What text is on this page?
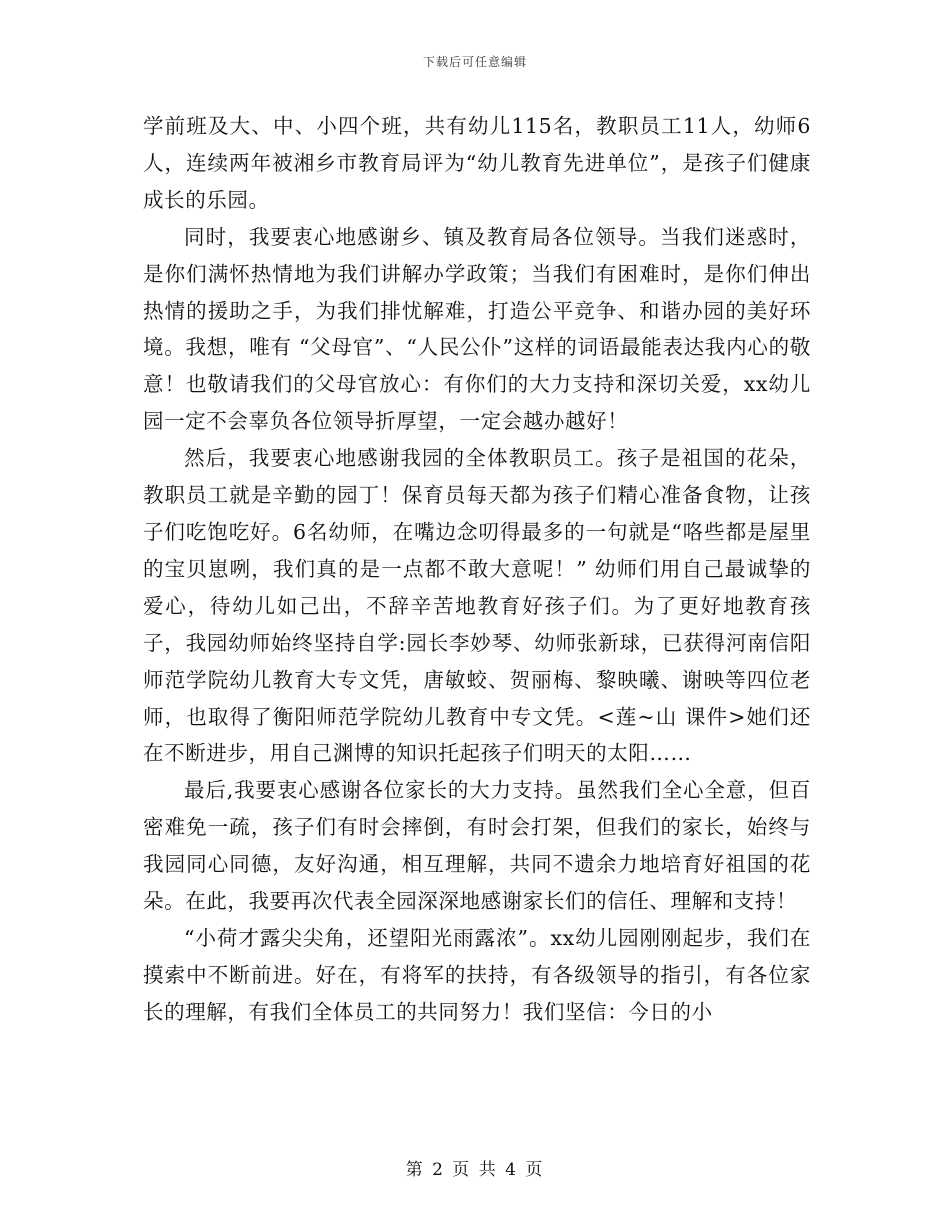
下载后可任意编辑

学前班及大、中、小四个班，共有幼儿115名，教职员工11人，幼师6人，连续两年被湘乡市教育局评为“幼儿教育先进单位”，是孩子们健康成长的乐园。

同时，我要衷心地感谢乡、镇及教育局各位领导。当我们迷惑时，是你们满怀热情地为我们讲解办学政策；当我们有困难时，是你们伸出热情的援助之手，为我们排忧解难，打造公平竞争、和谐办园的美好环境。我想，唯有 “父母官”、“人民公仆”这样的词语最能表达我内心的敬意！也敬请我们的父母官放心：有你们的大力支持和深切关爱，xx幼儿园一定不会辜负各位领导折厚望，一定会越办越好！

然后，我要衷心地感谢我园的全体教职员工。孩子是祖国的花朵，教职员工就是辛勤的园丁！保育员每天都为孩子们精心准备食物，让孩子们吃饱吃好。6名幼师，在嘴边念叨得最多的一句就是“咯些都是屋里的宝贝崽咧，我们真的是一点都不敢大意呢！” 幼师们用自己最诚挚的爱心，待幼儿如己出，不辞辛苦地教育好孩子们。为了更好地教育孩子，我园幼师始终坚持自学:园长李妙琴、幼师张新球，已获得河南信阳师范学院幼儿教育大专文凭，唐敏蛟、贺丽梅、黎映曦、谢映等四位老师，也取得了衡阳师范学院幼儿教育中专文凭。<莲~山 课件>她们还在不断进步，用自己渊博的知识托起孩子们明天的太阳……

最后,我要衷心感谢各位家长的大力支持。虽然我们全心全意，但百密难免一疏，孩子们有时会摔倒，有时会打架，但我们的家长，始终与我园同心同德，友好沟通，相互理解，共同不遗余力地培育好祖国的花朵。在此，我要再次代表全园深深地感谢家长们的信任、理解和支持！

“小荷才露尖尖角，还望阳光雨露浓”。xx幼儿园刚刚起步，我们在摸索中不断前进。好在，有将军的扶持，有各级领导的指引，有各位家长的理解，有我们全体员工的共同努力！我们坚信：今日的小

第 2 页 共 4 页
